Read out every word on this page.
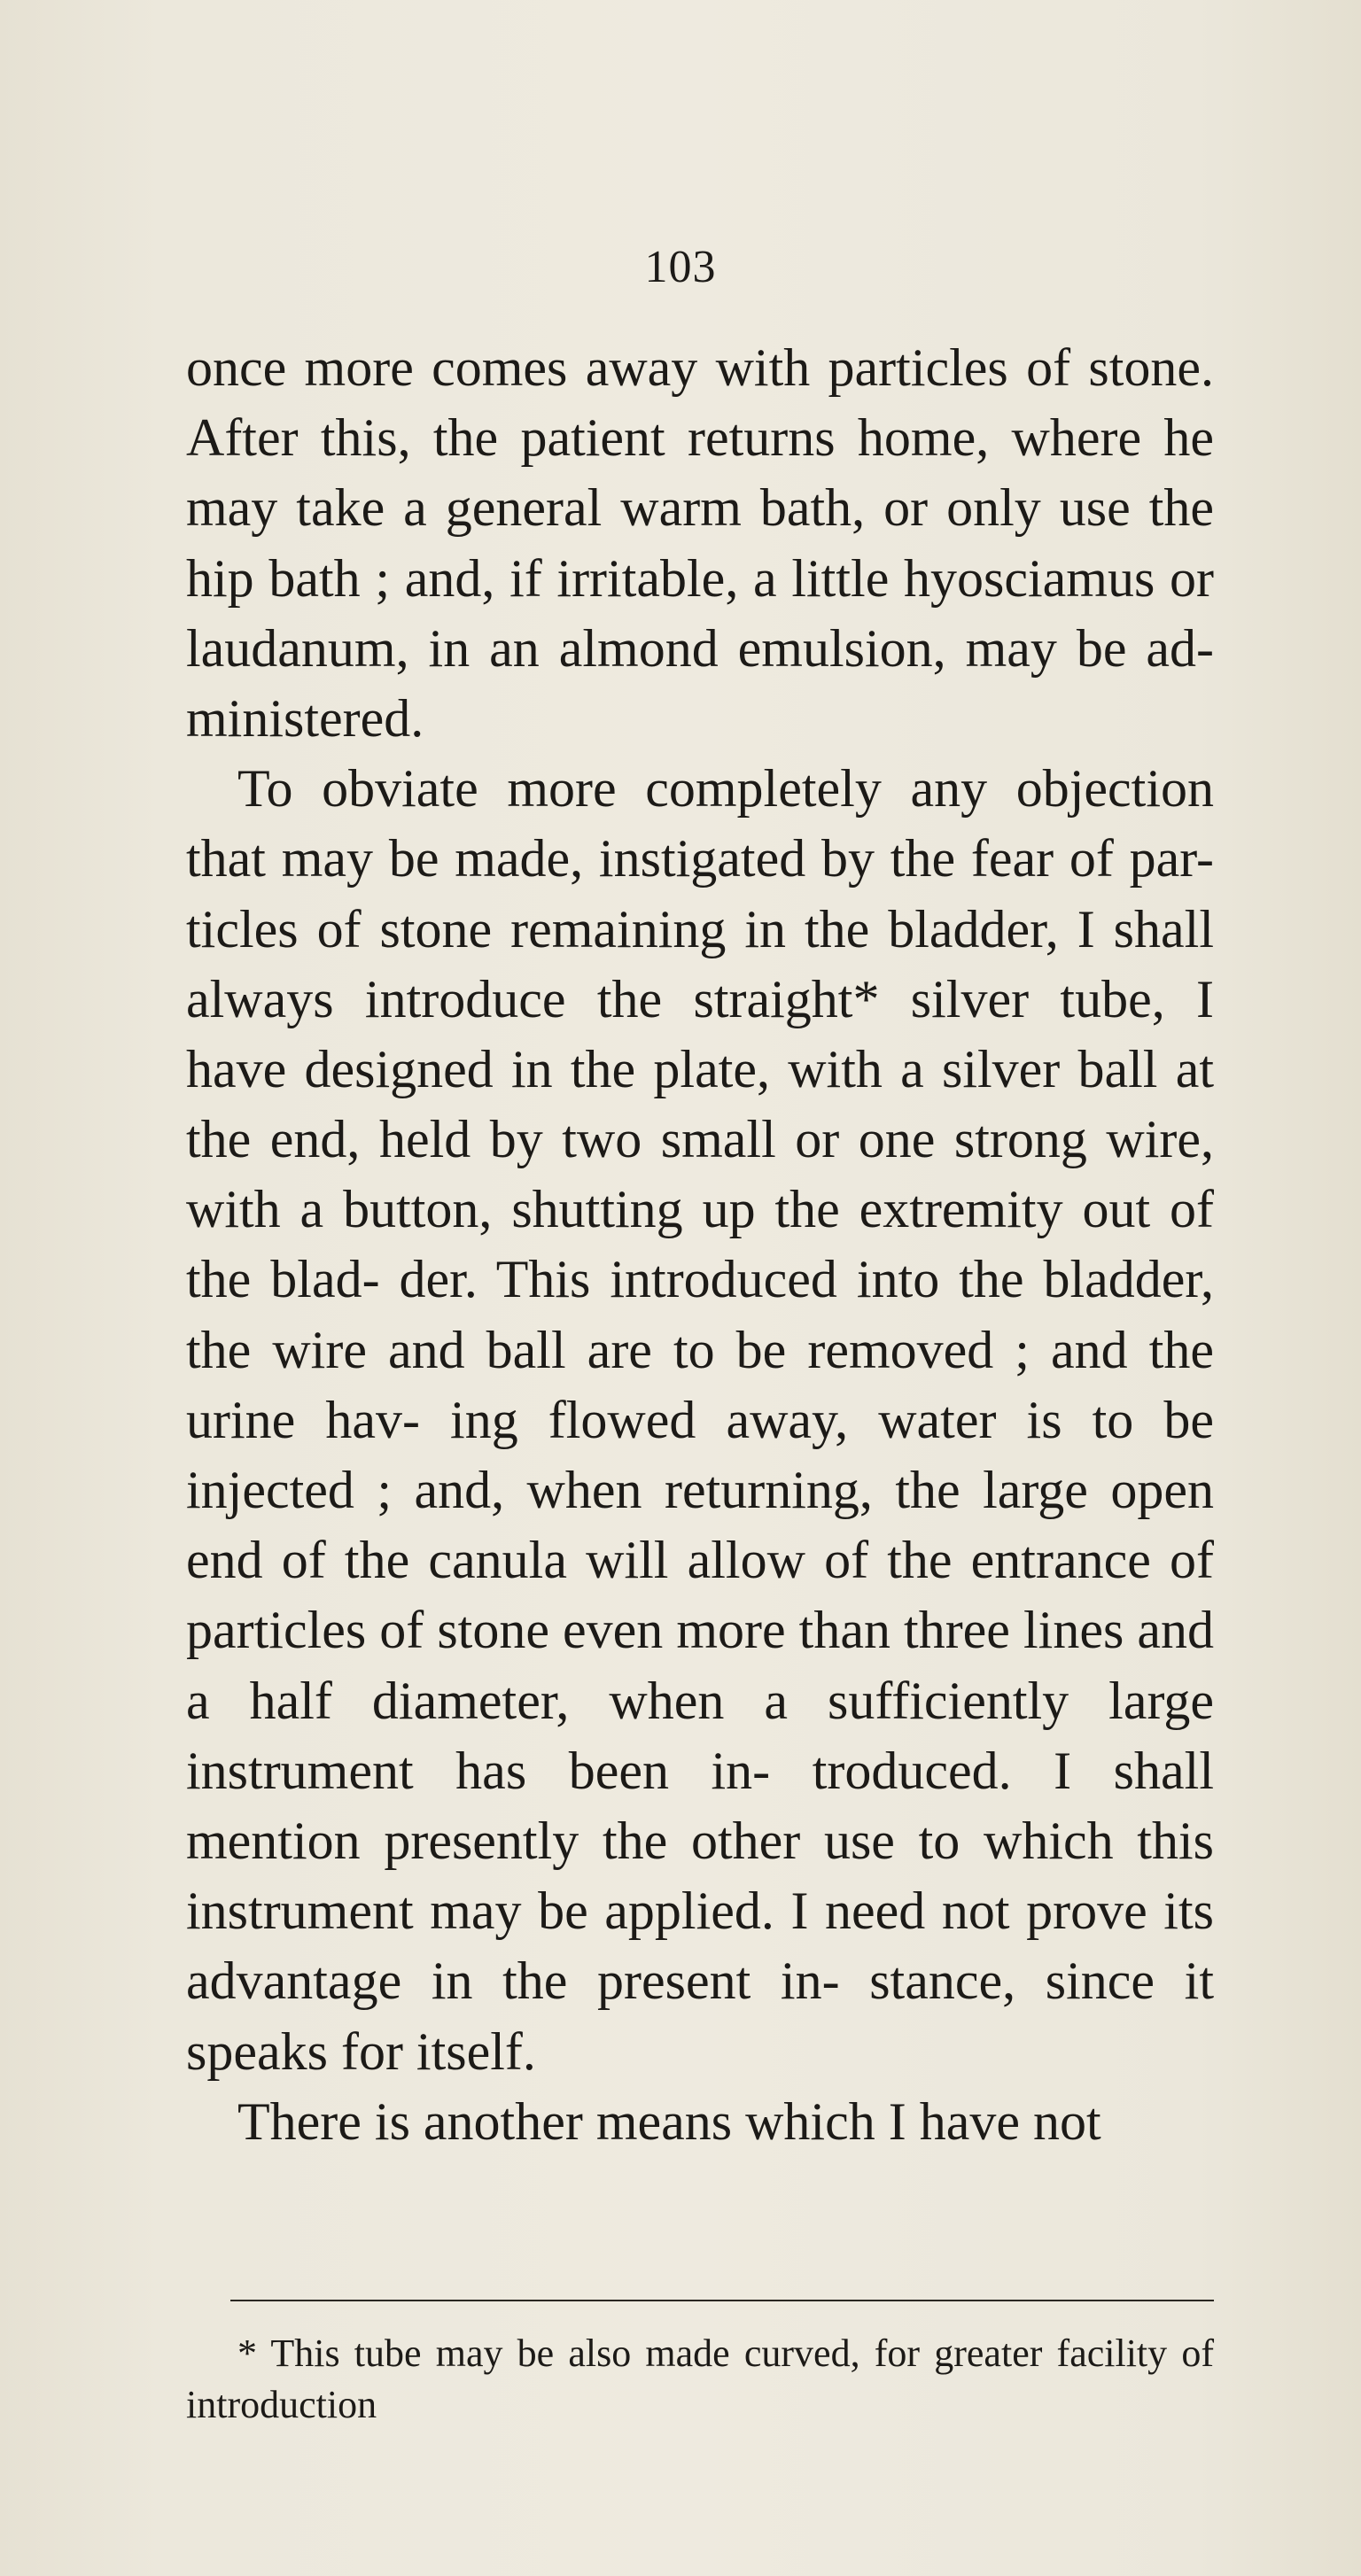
103

once more comes away with particles of stone. After this, the patient returns home, where he may take a general warm bath, or only use the hip bath ; and, if irritable, a little hyosciamus or laudanum, in an almond emulsion, may be ad- ministered.

To obviate more completely any objection that may be made, instigated by the fear of par- ticles of stone remaining in the bladder, I shall always introduce the straight* silver tube, I have designed in the plate, with a silver ball at the end, held by two small or one strong wire, with a button, shutting up the extremity out of the blad- der. This introduced into the bladder, the wire and ball are to be removed ; and the urine hav- ing flowed away, water is to be injected ; and, when returning, the large open end of the canula will allow of the entrance of particles of stone even more than three lines and a half diameter, when a sufficiently large instrument has been in- troduced. I shall mention presently the other use to which this instrument may be applied. I need not prove its advantage in the present in- stance, since it speaks for itself.

There is another means which I have not

* This tube may be also made curved, for greater facility of introduction
